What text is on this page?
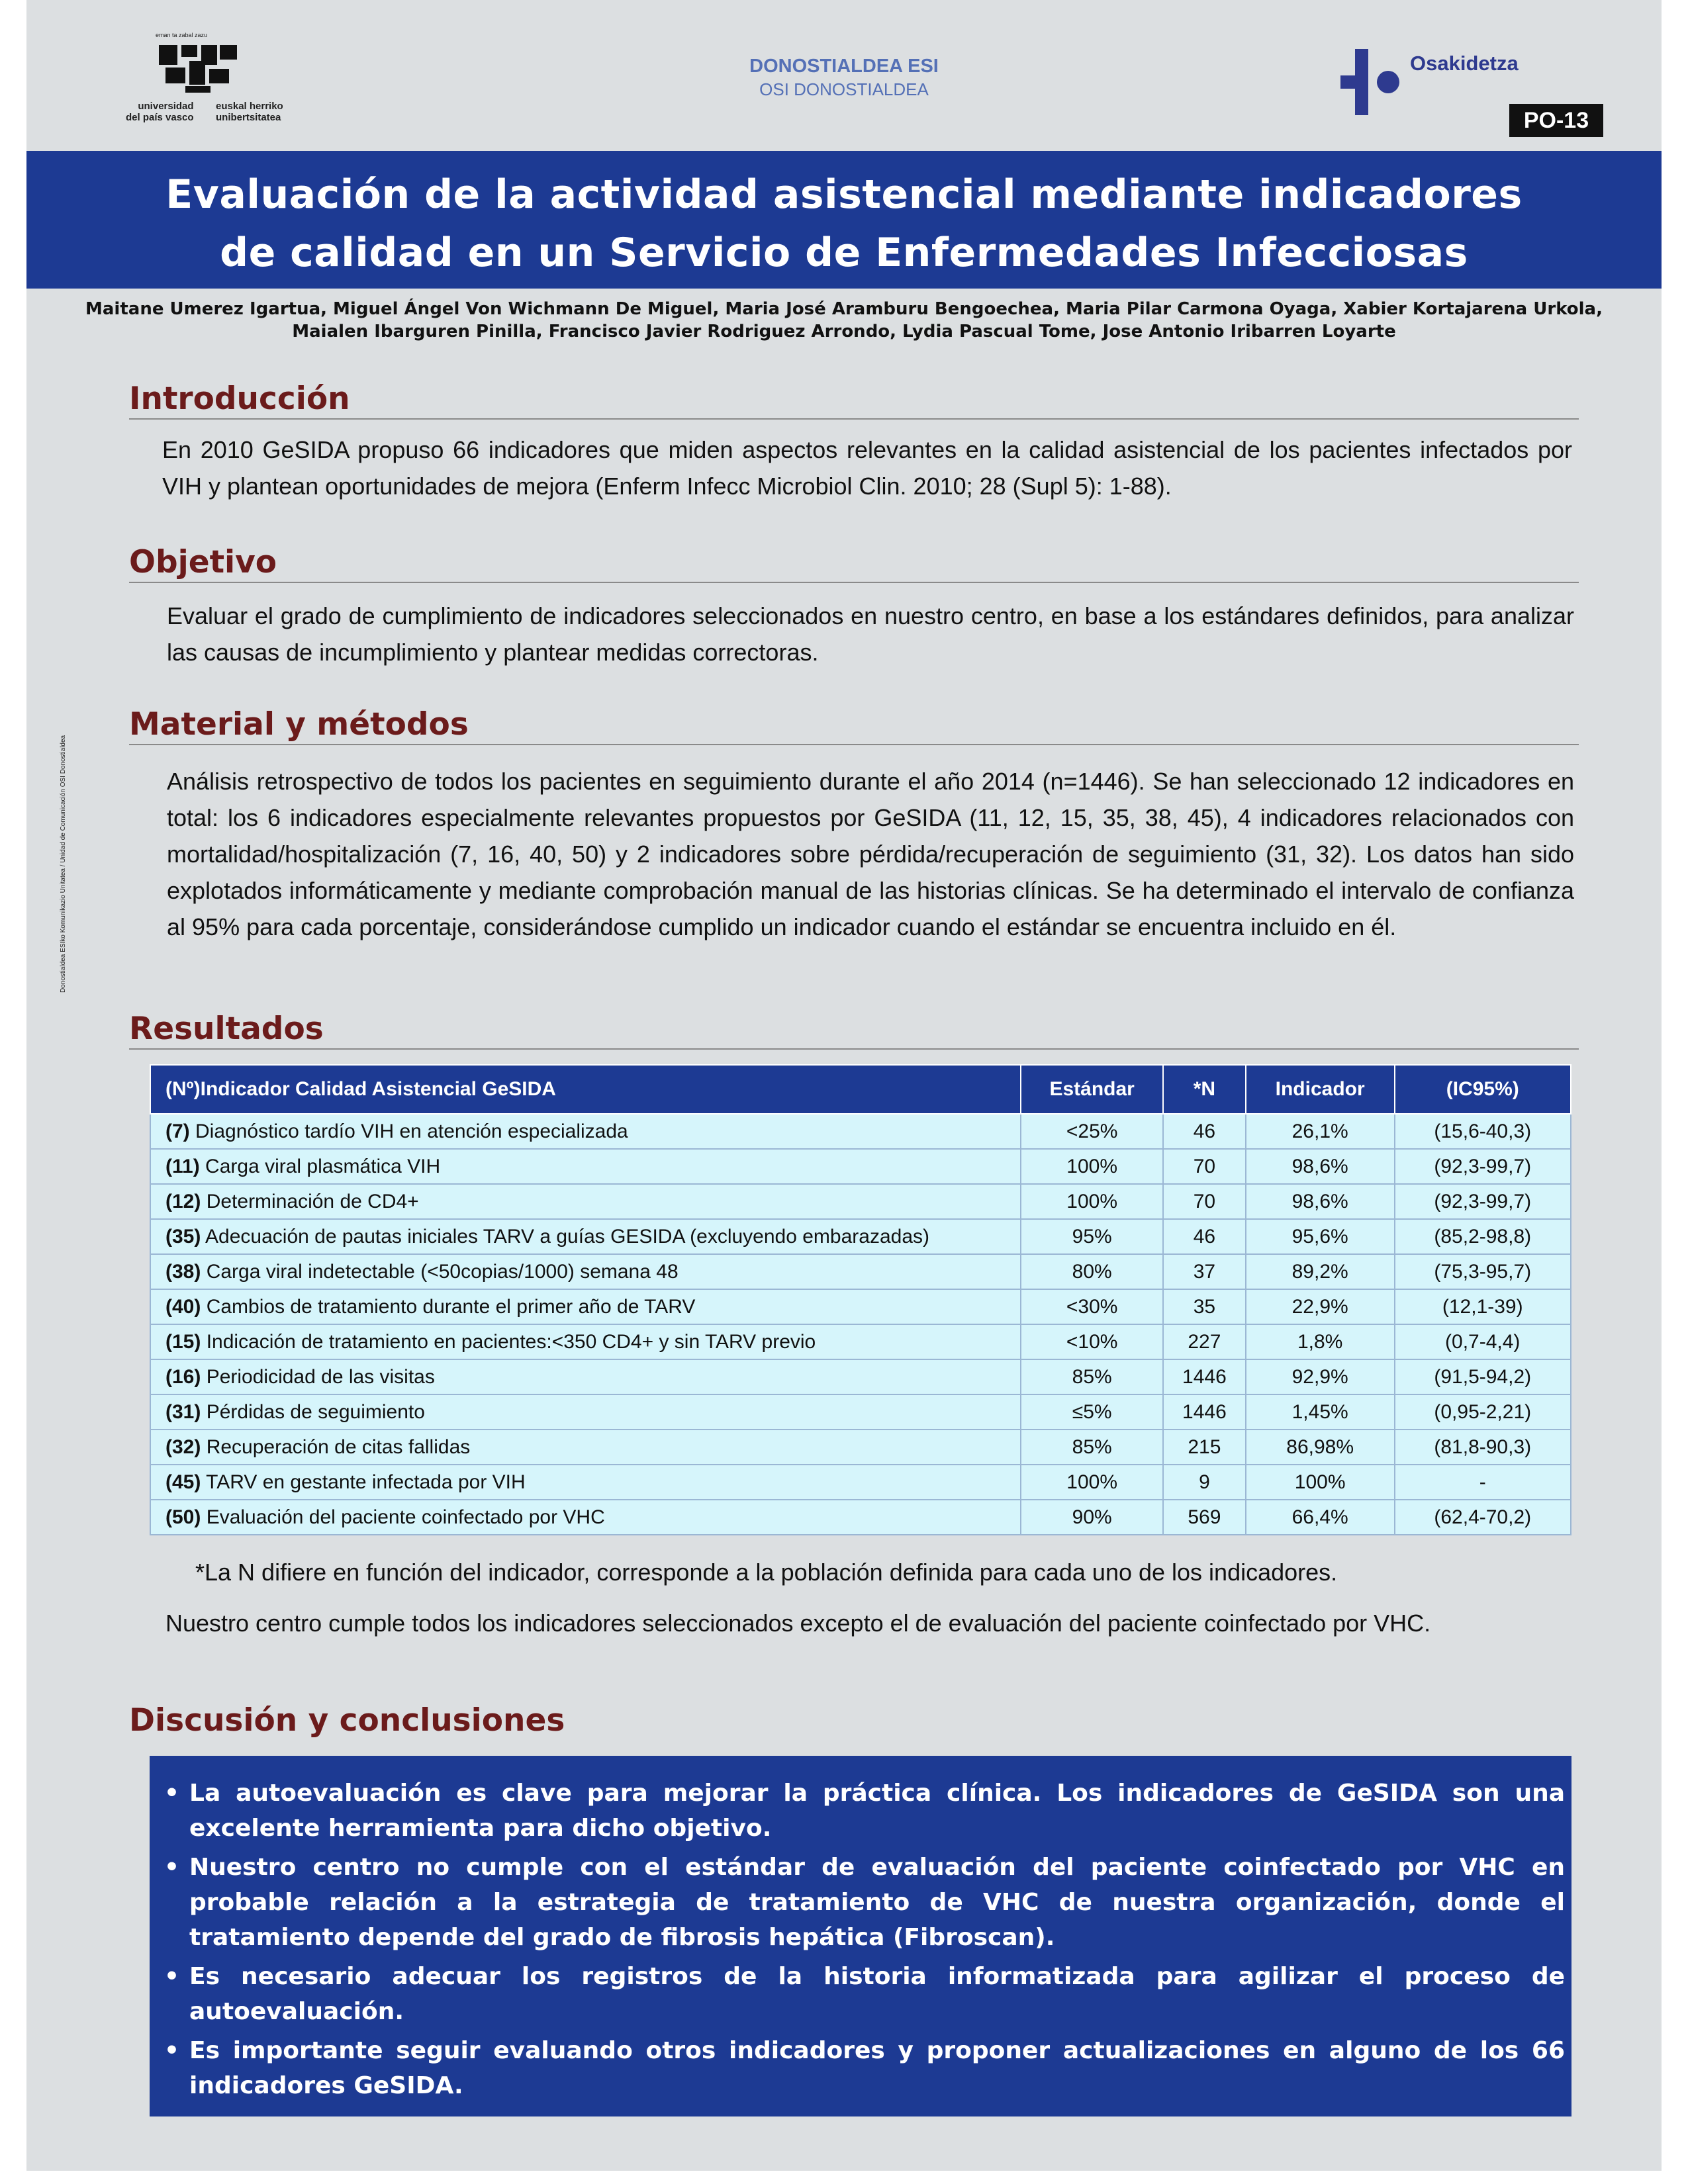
eman ta zabal zazu
universidad
del país vasco
euskal herriko
unibertsitatea
DONOSTIALDEA ESI
OSI DONOSTIALDEA
Osakidetza
PO-13
Evaluación de la actividad asistencial mediante indicadores
de calidad en un Servicio de Enfermedades Infecciosas
Maitane Umerez Igartua, Miguel Ángel Von Wichmann De Miguel, Maria José Aramburu Bengoechea, Maria Pilar Carmona Oyaga, Xabier Kortajarena Urkola,
Maialen Ibarguren Pinilla, Francisco Javier Rodriguez Arrondo, Lydia Pascual Tome, Jose Antonio Iribarren Loyarte
Introducción
En 2010 GeSIDA propuso 66 indicadores que miden aspectos relevantes en la calidad asistencial de los pacientes infectados por VIH y plantean oportunidades de mejora (Enferm Infecc Microbiol Clin. 2010; 28 (Supl 5): 1-88).
Objetivo
Evaluar el grado de cumplimiento de indicadores seleccionados en nuestro centro, en base a los estándares definidos, para analizar las causas de incumplimiento y plantear medidas correctoras.
Material y métodos
Análisis retrospectivo de todos los pacientes en seguimiento durante el año 2014 (n=1446). Se han seleccionado 12 indicadores en total: los 6 indicadores especialmente relevantes propuestos por GeSIDA (11, 12, 15, 35, 38, 45), 4 indicadores relacionados con mortalidad/hospitalización (7, 16, 40, 50) y 2 indicadores sobre pérdida/recuperación de seguimiento (31, 32). Los datos han sido explotados informáticamente y mediante comprobación manual de las historias clínicas. Se ha determinado el intervalo de confianza al 95% para cada porcentaje, considerándose cumplido un indicador cuando el estándar se encuentra incluido en él.
Resultados
(Nº)Indicador Calidad Asistencial GeSIDA	Estándar	*N	Indicador	(IC95%)
(7) Diagnóstico tardío VIH en atención especializada	<25%	46	26,1%	(15,6-40,3)
(11) Carga viral plasmática VIH	100%	70	98,6%	(92,3-99,7)
(12) Determinación de CD4+	100%	70	98,6%	(92,3-99,7)
(35) Adecuación de pautas iniciales TARV a guías GESIDA (excluyendo embarazadas)	95%	46	95,6%	(85,2-98,8)
(38) Carga viral indetectable (<50copias/1000) semana 48	80%	37	89,2%	(75,3-95,7)
(40) Cambios de tratamiento durante el primer año de TARV	<30%	35	22,9%	(12,1-39)
(15) Indicación de tratamiento en pacientes:<350 CD4+ y sin TARV previo	<10%	227	1,8%	(0,7-4,4)
(16) Periodicidad de las visitas	85%	1446	92,9%	(91,5-94,2)
(31) Pérdidas de seguimiento	≤5%	1446	1,45%	(0,95-2,21)
(32) Recuperación de citas fallidas	85%	215	86,98%	(81,8-90,3)
(45) TARV en gestante infectada por VIH	100%	9	100%	-
(50) Evaluación del paciente coinfectado por VHC	90%	569	66,4%	(62,4-70,2)
*La N difiere en función del indicador, corresponde a la población definida para cada uno de los indicadores.
Nuestro centro cumple todos los indicadores seleccionados excepto el de evaluación del paciente coinfectado por VHC.
Discusión y conclusiones
• La autoevaluación es clave para mejorar la práctica clínica. Los indicadores de GeSIDA son una excelente herramienta para dicho objetivo.
• Nuestro centro no cumple con el estándar de evaluación del paciente coinfectado por VHC en probable relación a la estrategia de tratamiento de VHC de nuestra organización, donde el tratamiento depende del grado de fibrosis hepática (Fibroscan).
• Es necesario adecuar los registros de la historia informatizada para agilizar el proceso de autoevaluación.
• Es importante seguir evaluando otros indicadores y proponer actualizaciones en alguno de los 66 indicadores GeSIDA.
Donostialdea ESIko Komunikazio Unitatea / Unidad de Comunicación OSI Donostialdea
